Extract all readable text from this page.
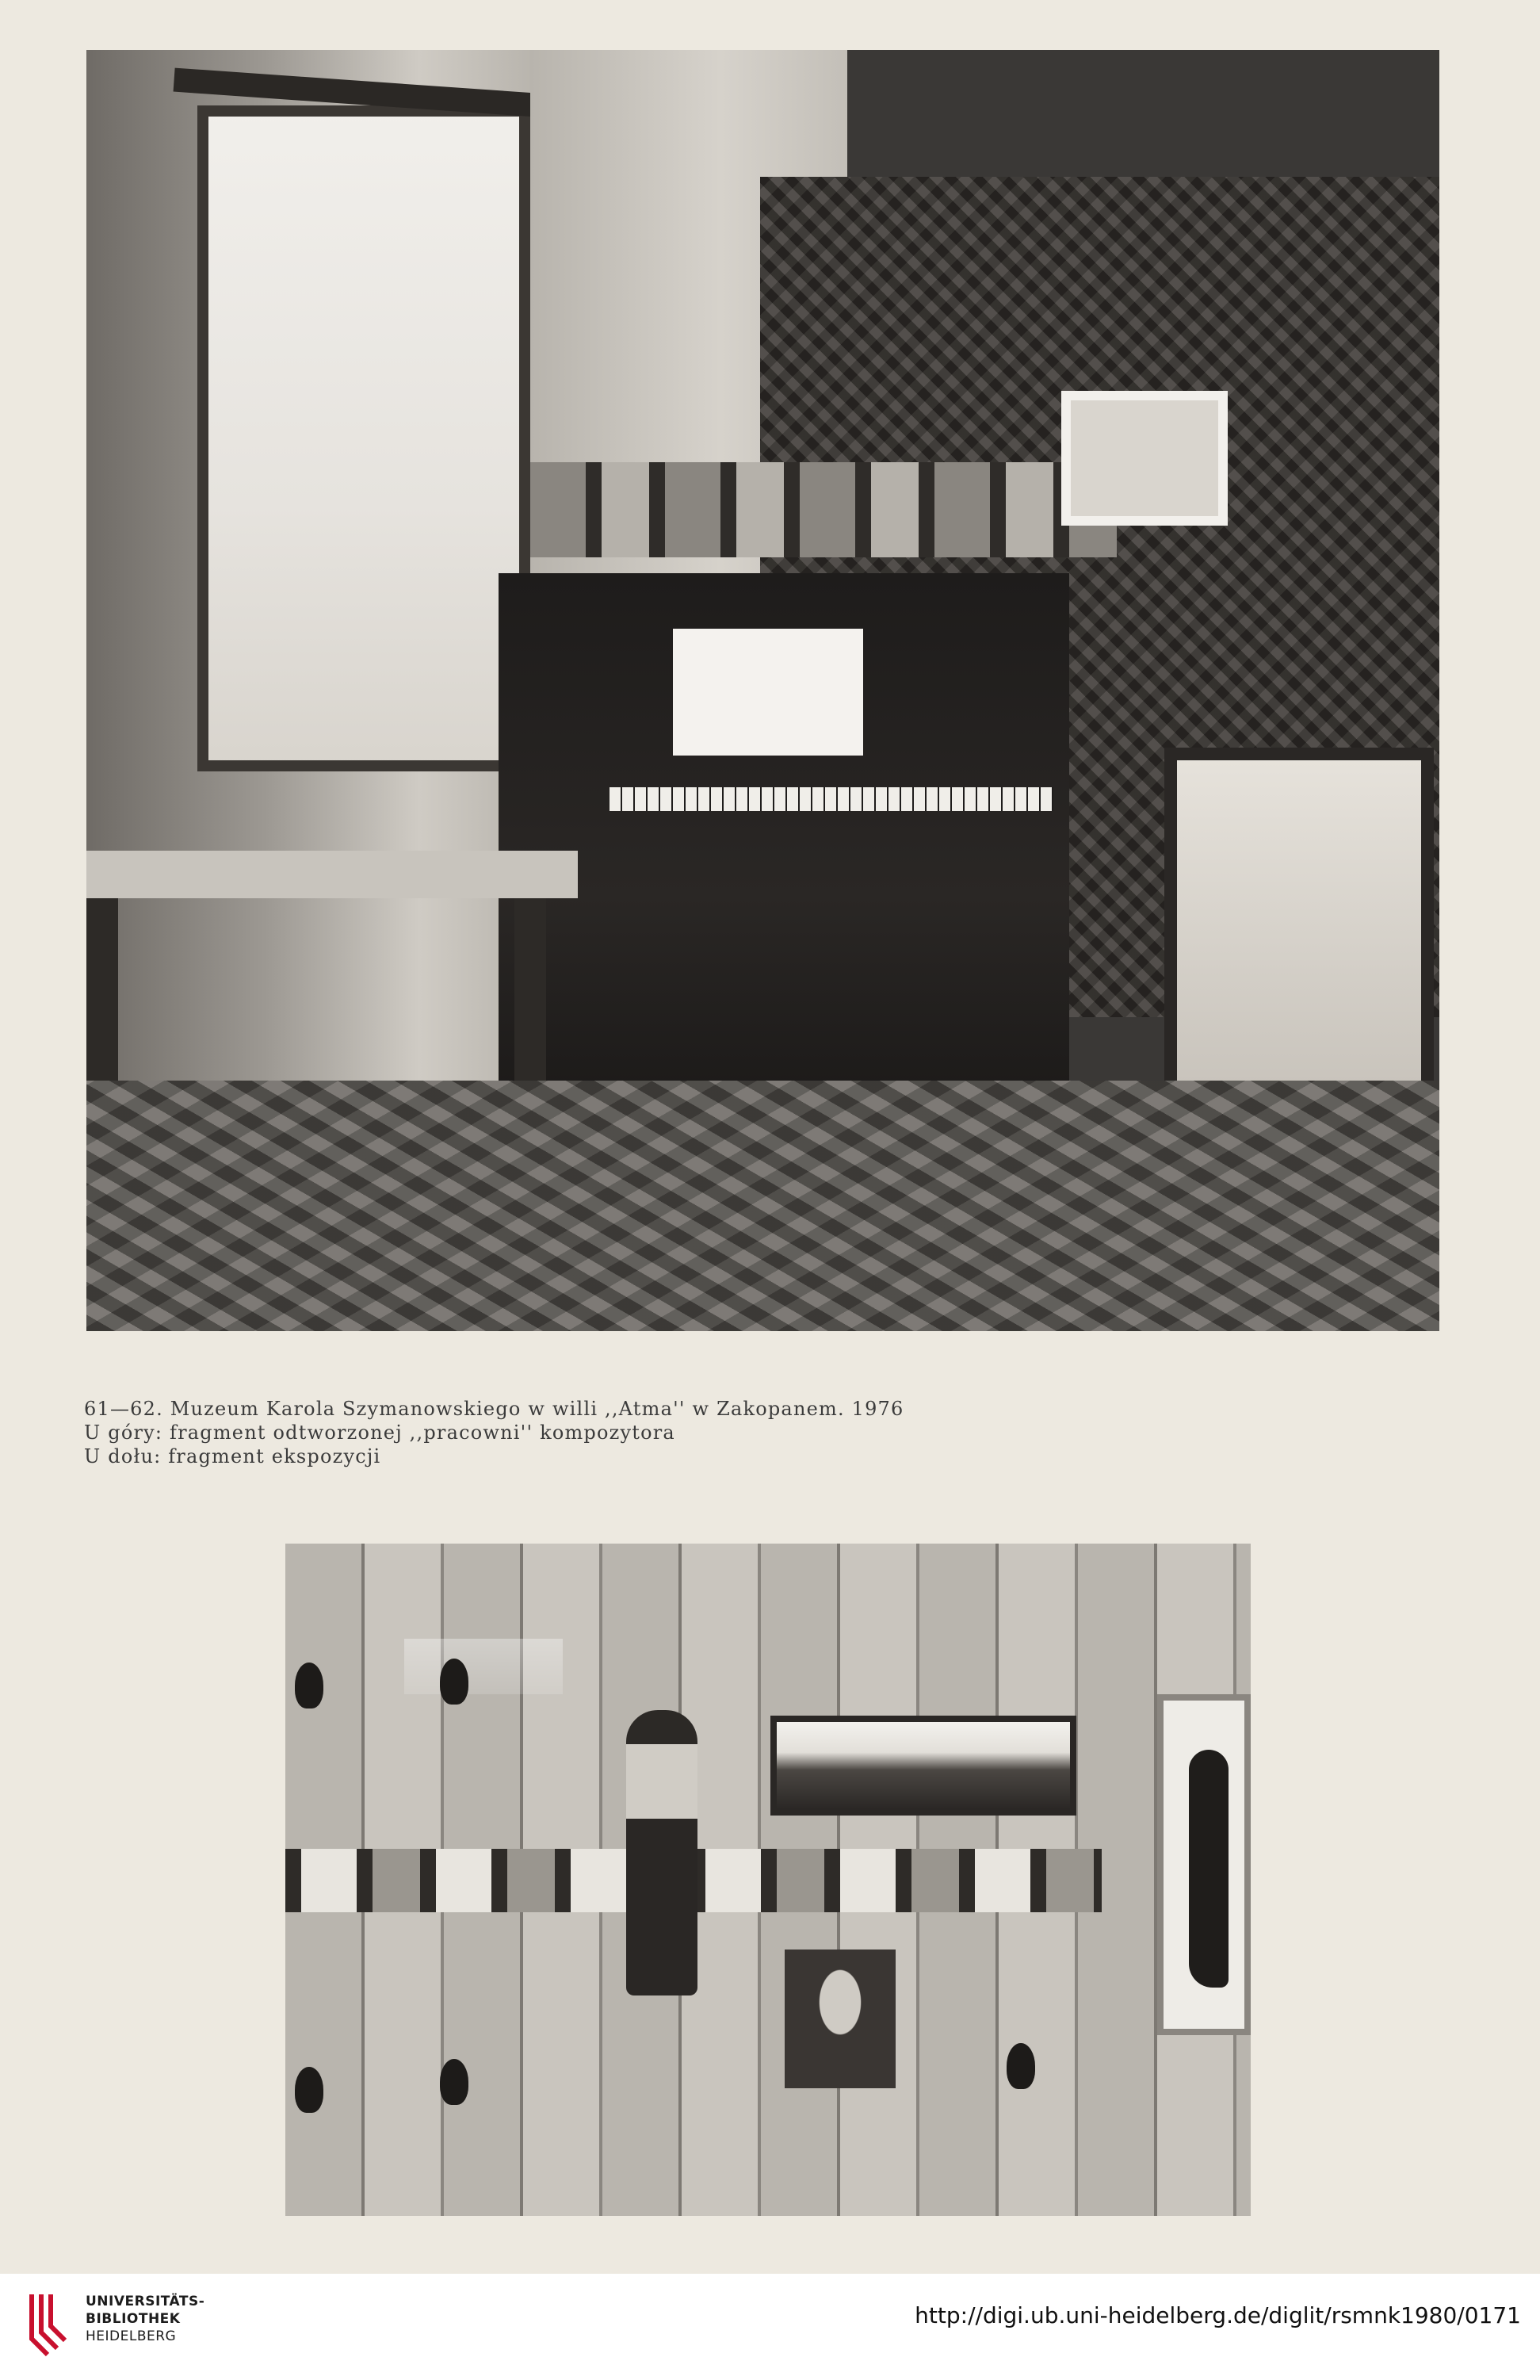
61—62. Muzeum Karola Szymanowskiego w willi ,,Atma'' w Zakopanem. 1976
U góry: fragment odtworzonej ,,pracowni'' kompozytora
U dołu: fragment ekspozycji
UNIVERSITÄTS-
BIBLIOTHEK
HEIDELBERG
http://digi.ub.uni-heidelberg.de/diglit/rsmnk1980/0171
